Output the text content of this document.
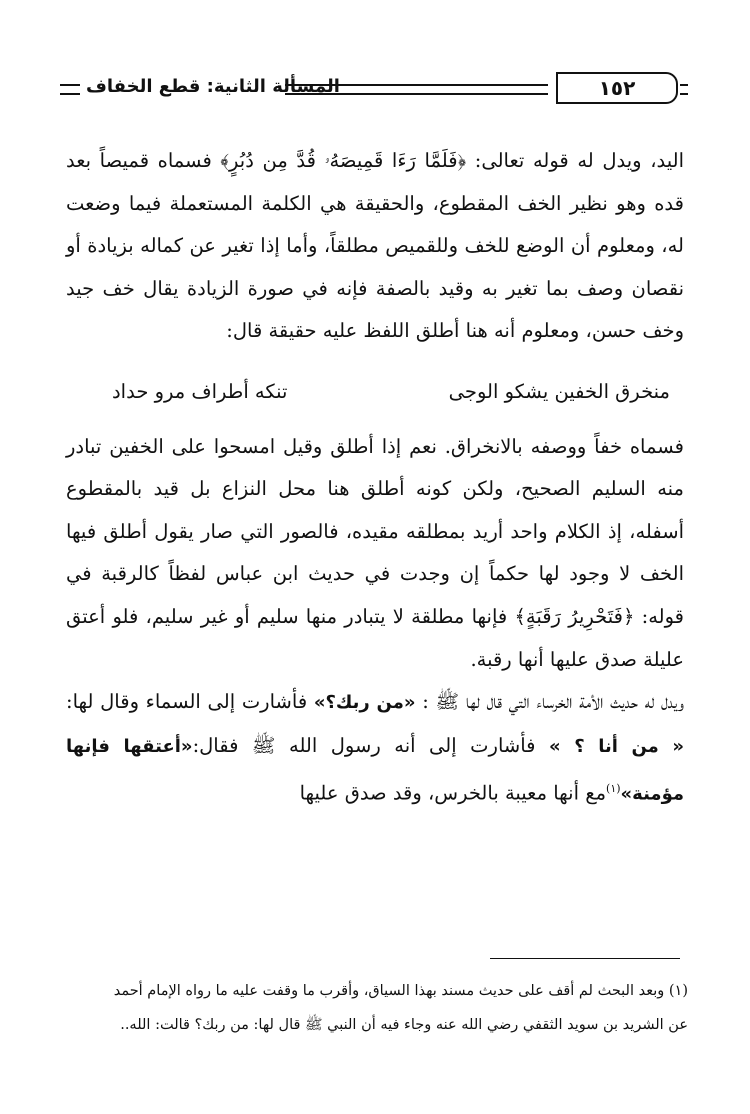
المسألة الثانية: قطع الخفاف	١٥٢

اليد، ويدل له قوله تعالى: ﴿فَلَمَّا رَءَا قَمِيصَهُۥ قُدَّ مِن دُبُرٍ﴾ فسماه قميصاً بعد قده وهو نظير الخف المقطوع، والحقيقة هي الكلمة المستعملة فيما وضعت له، ومعلوم أن الوضع للخف وللقميص مطلقاً، وأما إذا تغير عن كماله بزيادة أو نقصان وصف بما تغير به وقيد بالصفة فإنه في صورة الزيادة يقال خف جيد وخف حسن، ومعلوم أنه هنا أطلق اللفظ عليه حقيقة قال:

منخرق الخفين يشكو الوجى
تنكه أطراف مرو حداد

فسماه خفاً ووصفه بالانخراق. نعم إذا أطلق وقيل امسحوا على الخفين تبادر منه السليم الصحيح، ولكن كونه أطلق هنا محل النزاع بل قيد بالمقطوع أسفله، إذ الكلام واحد أريد بمطلقه مقيده، فالصور التي صار يقول أطلق فيها الخف لا وجود لها حكماً إن وجدت في حديث ابن عباس لفظاً كالرقبة في قوله: ﴿فَتَحْرِيرُ رَقَبَةٍ﴾ فإنها مطلقة لا يتبادر منها سليم أو غير سليم، فلو أعتق عليلة صدق عليها أنها رقبة.

ويدل له حديث الأمة الخرساء التي قال لها ﷺ : «من ربك؟» فأشارت إلى السماء وقال لها: « من أنا ؟ » فأشارت إلى أنه رسول الله ﷺ فقال:«أعتقها فإنها مؤمنة»$^{(١)}$مع أنها معيبة بالخرس، وقد صدق عليها

(١) وبعد البحث لم أقف على حديث مسند بهذا السياق، وأقرب ما وقفت عليه ما رواه الإمام أحمد

عن الشريد بن سويد الثقفي رضي الله عنه وجاء فيه أن النبي ﷺ قال لها: من ربك؟ قالت: الله..
